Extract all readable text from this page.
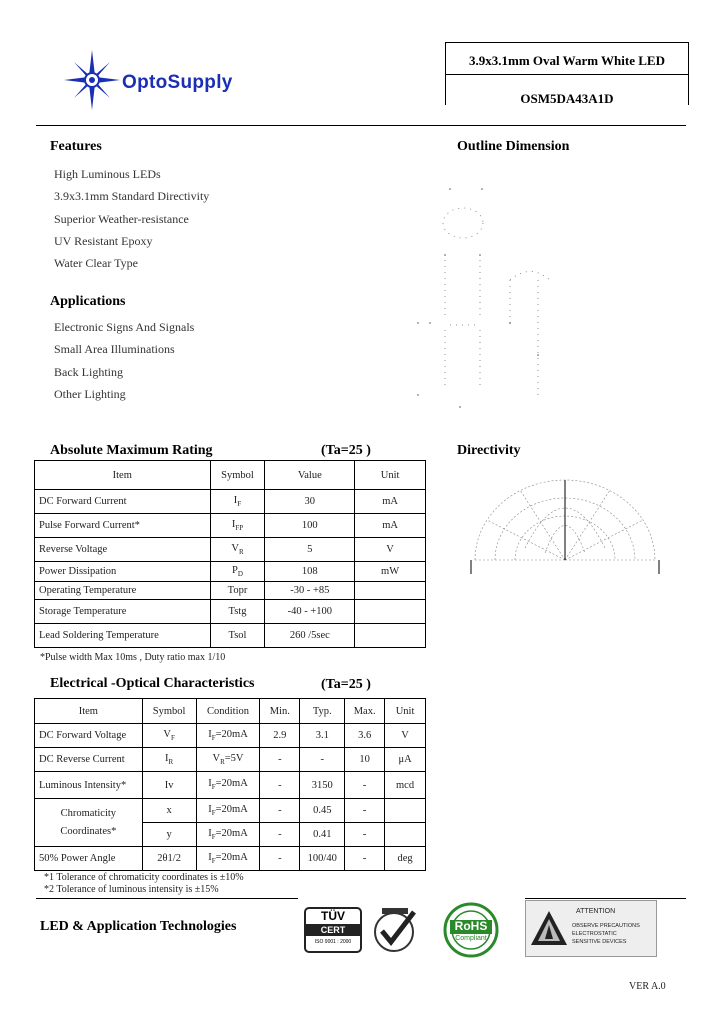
OptoSupply
3.9x3.1mm Oval Warm White LED
OSM5DA43A1D
Features
High Luminous LEDs
3.9x3.1mm Standard Directivity
Superior Weather-resistance
UV Resistant Epoxy
Water Clear Type
Applications
Electronic Signs And Signals
Small Area Illuminations
Back Lighting
Other Lighting
Outline Dimension
Absolute Maximum Rating	(Ta=25 )
Item	Symbol	Value	Unit
DC Forward Current	$I_F$	30	mA
Pulse Forward Current*	$I_{FP}$	100	mA
Reverse Voltage	$V_R$	5	V
Power Dissipation	$P_D$	108	mW
Operating Temperature	Topr	-30 - +85	
Storage Temperature	Tstg	-40 - +100	
Lead Soldering Temperature	Tsol	260 /5sec	
*Pulse width Max 10ms , Duty ratio max 1/10
Directivity
Electrical -Optical Characteristics	(Ta=25 )
Item	Symbol	Condition	Min.	Typ.	Max.	Unit
DC Forward Voltage	$V_F$	$I_F=20mA$	2.9	3.1	3.6	V
DC Reverse Current	$I_R$	$V_R=5V$	-	-	10	μA
Luminous Intensity*	Iv	$I_F=20mA$	-	3150	-	mcd

Chromaticity
Coordinates*	x	$I_F=20mA$	-	0.45	-	
	y	$I_F=20mA$	-	0.41	-	
50% Power Angle	2θ1/2	$I_F=20mA$	-	100/40	-	deg
*1 Tolerance of chromaticity coordinates is ±10%
*2 Tolerance of luminous intensity is ±15%
LED & Application Technologies
TÜV
CERT
ISO 9001 : 2000
RoHS
Compliant
ATTENTION
OBSERVE PRECAUTIONS
ELECTROSTATIC
SENSITIVE DEVICES
VER A.0
